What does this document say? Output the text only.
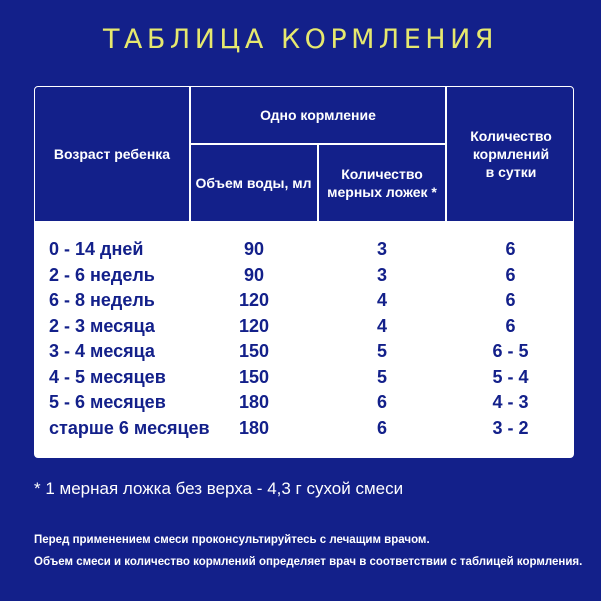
ТАБЛИЦА КОРМЛЕНИЯ
Возраст ребенка
Одно кормление
Объем воды, мл
Количество
мерных ложек *
Количество
кормлений
в сутки
0 - 14 дней	90	3	6
2 - 6 недель	90	3	6
6 - 8 недель	120	4	6
2 - 3 месяца	120	4	6
3 - 4 месяца	150	5	6 - 5
4 - 5 месяцев	150	5	5 - 4
5 - 6 месяцев	180	6	4 - 3
старше 6 месяцев	180	6	3 - 2
* 1 мерная ложка без верха - 4,3 г сухой смеси
Перед применением смеси проконсультируйтесь с лечащим врачом.
Объем смеси и количество кормлений определяет врач в соответствии с таблицей кормления.
